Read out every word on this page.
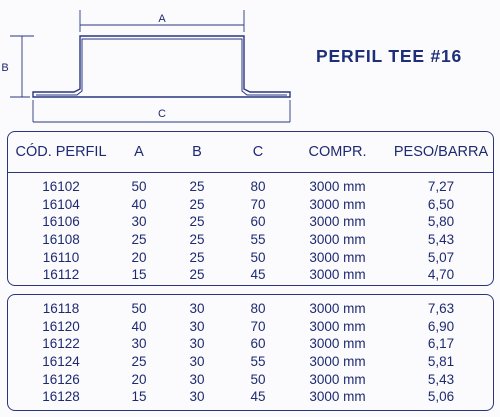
A
B
C
PERFIL TEE #16
CÓD. PERFIL	A	B	C	COMPR.	PESO/BARRA
16102	50	25	80	3000 mm	7,27
16104	40	25	70	3000 mm	6,50
16106	30	25	60	3000 mm	5,80
16108	25	25	55	3000 mm	5,43
16110	20	25	50	3000 mm	5,07
16112	15	25	45	3000 mm	4,70
16118	50	30	80	3000 mm	7,63
16120	40	30	70	3000 mm	6,90
16122	30	30	60	3000 mm	6,17
16124	25	30	55	3000 mm	5,81
16126	20	30	50	3000 mm	5,43
16128	15	30	45	3000 mm	5,06
